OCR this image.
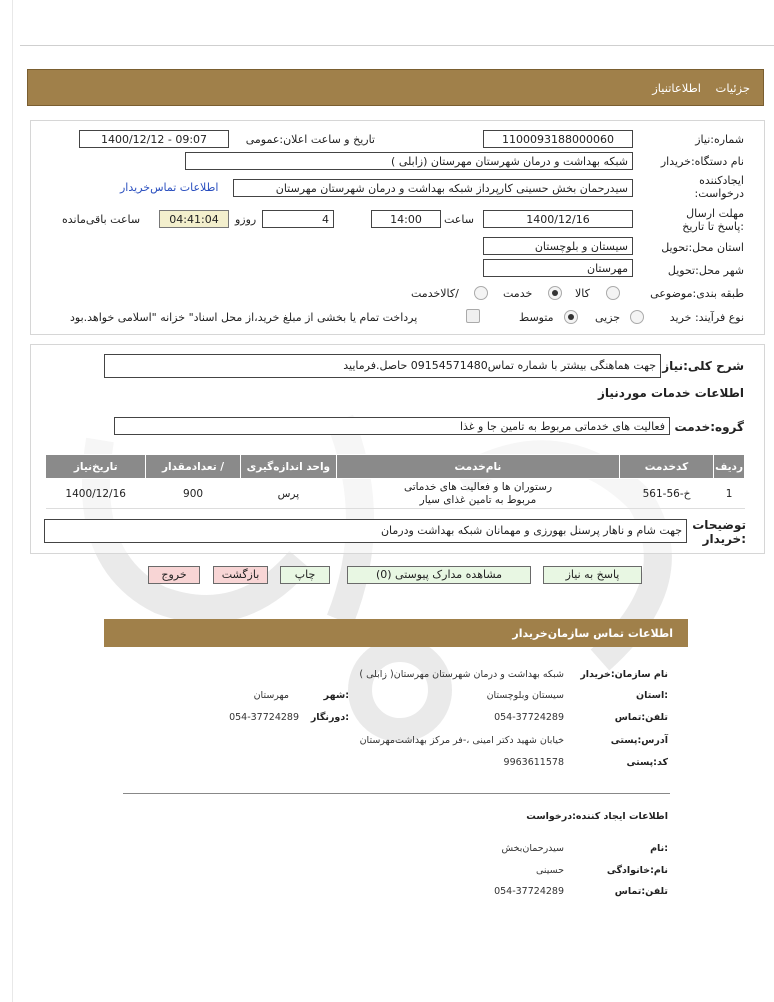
جزئیات
اطلاعاتنیاز
شماره:نیاز
1100093188000060
تاریخ و ساعت اعلان:عمومی
1400/12/12 - 09:07
نام دستگاه:خریدار
شبکه بهداشت و درمان شهرستان مهرستان (زابلی )
ایجادکننده درخواست:
سیدرحمان بخش حسینی کارپرداز شبکه بهداشت و درمان شهرستان مهرستان
اطلاعات تماس‌خریدار
مهلت ارسال :پاسخ تا تاریخ
1400/12/16
ساعت
14:00
4
روزو
04:41:04
ساعت باقی‌مانده
استان محل:تحویل
سیستان و بلوچستان
شهر محل:تحویل
مهرستان
طبقه بندی:موضوعی
کالا
خدمت
/کالاخدمت
نوع فرآیند: خرید
جزیی
متوسط
پرداخت تمام یا بخشی از مبلغ خرید،از محل اسناد" خزانه "اسلامی خواهد.بود
شرح کلی:نیاز
جهت هماهنگی بیشتر با شماره تماس09154571480 حاصل.فرمایید
اطلاعات خدمات موردنیاز
گروه:خدمت
فعالیت های خدماتی مربوط به تامین جا و غذا
ردیف	کدخدمت	نام‌خدمت	واحد اندازه‌گیری	/ تعدادمقدار	تاریخ‌نیاز
1	خ-56-561	رستوران ها و فعالیت های خدماتی
مربوط به تامین غذای سیار	پرس	900	1400/12/16
توضیحات :خریدار
جهت شام و ناهار پرسنل بهورزی و مهمانان شبکه بهداشت ودرمان
پاسخ به نیاز
مشاهده مدارک پیوستی (0)
چاپ
بازگشت
خروج
اطلاعات تماس سازمان‌خریدار
نام سازمان:خریدار
شبکه بهداشت و درمان شهرستان مهرستان( زابلی )
:استان
سیستان وبلوچستان
:شهر
مهرستان
تلفن:تماس
054-37724289
:دورنگار
054-37724289
آدرس:پستی
خیابان شهید دکتر امینی ،-فر مرکز بهداشت‌مهرستان
کد:پستی
9963611578
اطلاعات ایجاد کننده:درخواست
:نام
سیدرحمان‌بخش
نام:خانوادگی
حسینی
تلفن:تماس
054-37724289
